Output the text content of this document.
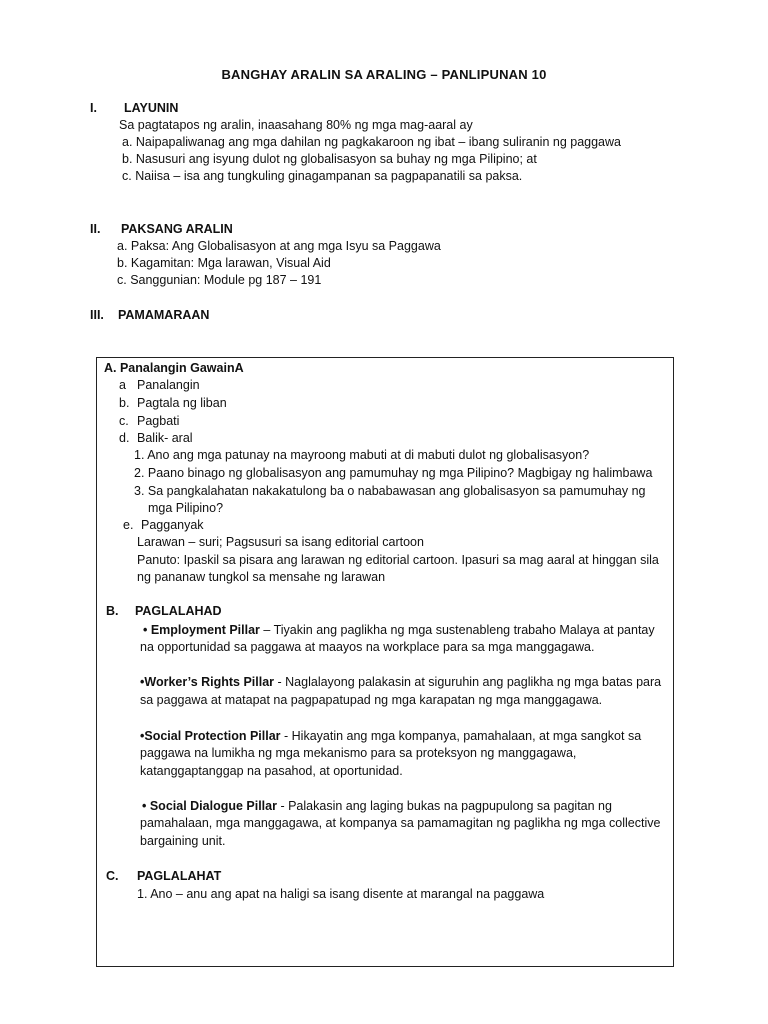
BANGHAY ARALIN SA ARALING – PANLIPUNAN 10
I. LAYUNIN
Sa pagtatapos ng aralin, inaasahang 80% ng mga mag-aaral ay
a. Naipapaliwanag ang mga dahilan ng pagkakaroon ng ibat – ibang suliranin ng paggawa
b. Nasusuri ang isyung dulot ng globalisasyon sa buhay ng mga Pilipino; at
c. Naiisa – isa ang tungkuling ginagampanan sa pagpapanatili sa paksa.
II. PAKSANG ARALIN
a. Paksa: Ang Globalisasyon at ang mga Isyu sa Paggawa
b. Kagamitan: Mga larawan, Visual Aid
c. Sanggunian: Module pg 187 – 191
III. PAMAMARAAN
A. Panalangin GawainA
a Panalangin
b. Pagtala ng liban
c. Pagbati
d. Balik- aral
1. Ano ang mga patunay na mayroong mabuti at di mabuti dulot ng globalisasyon?
2. Paano binago ng globalisasyon ang pamumuhay ng mga Pilipino? Magbigay ng halimbawa
3. Sa pangkalahatan nakakatulong ba o nababawasan ang globalisasyon sa pamumuhay ng
mga Pilipino?
e. Pagganyak
Larawan – suri; Pagsusuri sa isang editorial cartoon
Panuto: Ipaskil sa pisara ang larawan ng editorial cartoon. Ipasuri sa mag aaral at hinggan sila
ng pananaw tungkol sa mensahe ng larawan
B. PAGLALAHAD
• Employment Pillar – Tiyakin ang paglikha ng mga sustenableng trabaho Malaya at pantay
na opportunidad sa paggawa at maayos na workplace para sa mga manggagawa.
•Worker’s Rights Pillar - Naglalayong palakasin at siguruhin ang paglikha ng mga batas para
sa paggawa at matapat na pagpapatupad ng mga karapatan ng mga manggagawa.
•Social Protection Pillar - Hikayatin ang mga kompanya, pamahalaan, at mga sangkot sa
paggawa na lumikha ng mga mekanismo para sa proteksyon ng manggagawa,
katanggaptanggap na pasahod, at oportunidad.
• Social Dialogue Pillar - Palakasin ang laging bukas na pagpupulong sa pagitan ng
pamahalaan, mga manggagawa, at kompanya sa pamamagitan ng paglikha ng mga collective
bargaining unit.
C. PAGLALAHAT
1. Ano – anu ang apat na haligi sa isang disente at marangal na paggawa
